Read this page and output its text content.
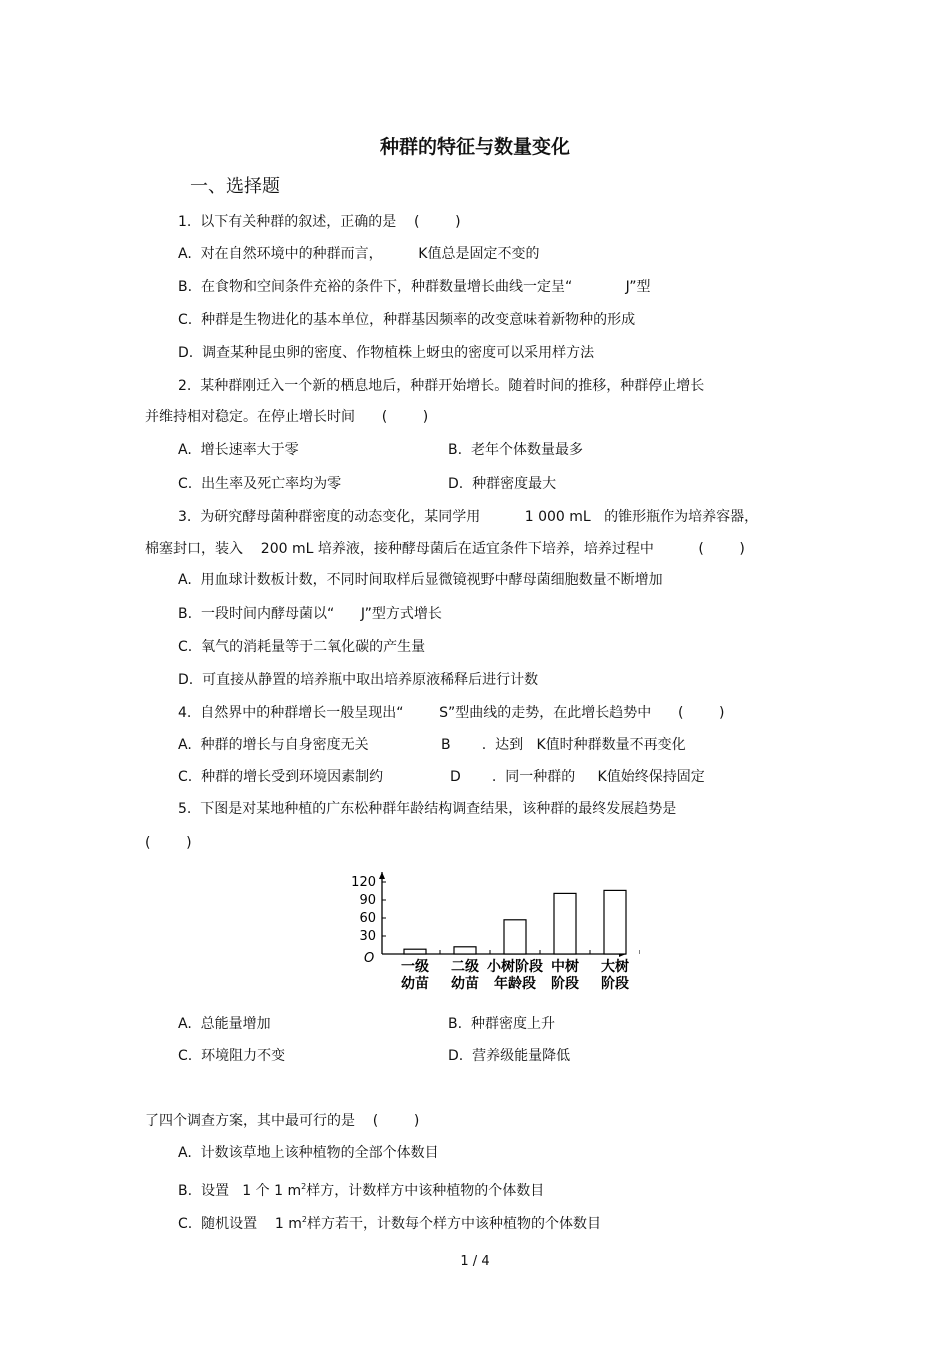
种群的特征与数量变化
一、选择题
1.  以下有关种群的叙述，正确的是    (        )
A.  对在自然环境中的种群而言，        K值总是固定不变的
B.  在食物和空间条件充裕的条件下，种群数量增长曲线一定呈“            J”型
C.  种群是生物进化的基本单位，种群基因频率的改变意味着新物种的形成
D.  调查某种昆虫卵的密度、作物植株上蚜虫的密度可以采用样方法
2.  某种群刚迁入一个新的栖息地后，种群开始增长。随着时间的推移，种群停止增长
并维持相对稳定。在停止增长时间      (        )
A.  增长速率大于零	B.  老年个体数量最多
C.  出生率及死亡率均为零	D.  种群密度最大
3.  为研究酵母菌种群密度的动态变化，某同学用          1 000 mL   的锥形瓶作为培养容器，
棉塞封口，装入    200 mL 培养液，接种酵母菌后在适宜条件下培养，培养过程中          (        )
A.  用血球计数板计数，不同时间取样后显微镜视野中酵母菌细胞数量不断增加
B.  一段时间内酵母菌以“      J”型方式增长
C.  氧气的消耗量等于二氧化碳的产生量
D.  可直接从静置的培养瓶中取出培养原液稀释后进行计数
4.  自然界中的种群增长一般呈现出“        S”型曲线的走势，在此增长趋势中      (        )
A.  种群的增长与自身密度无关	B       .  达到   K值时种群数量不再变化
C.  种群的增长受到环境因素制约	D       .  同一种群的     K值始终保持固定
5.  下图是对某地种植的广东松种群年龄结构调查结果，该种群的最终发展趋势是
(        )
A.  总能量增加	B.  种群密度上升
C.  环境阻力不变	D.  营养级能量降低
了四个调查方案，其中最可行的是    (        )
A.  计数该草地上该种植物的全部个体数目
B.  设置   1 个 1 $m^2$样方，计数样方中该种植物的个体数目
C.  随机设置    1 $m^2$样方若干，计数每个样方中该种植物的个体数目
30
60
90
120
O
一级
幼苗
二级
幼苗
小树阶段
年龄段
中树
阶段
大树
阶段
1 / 4
